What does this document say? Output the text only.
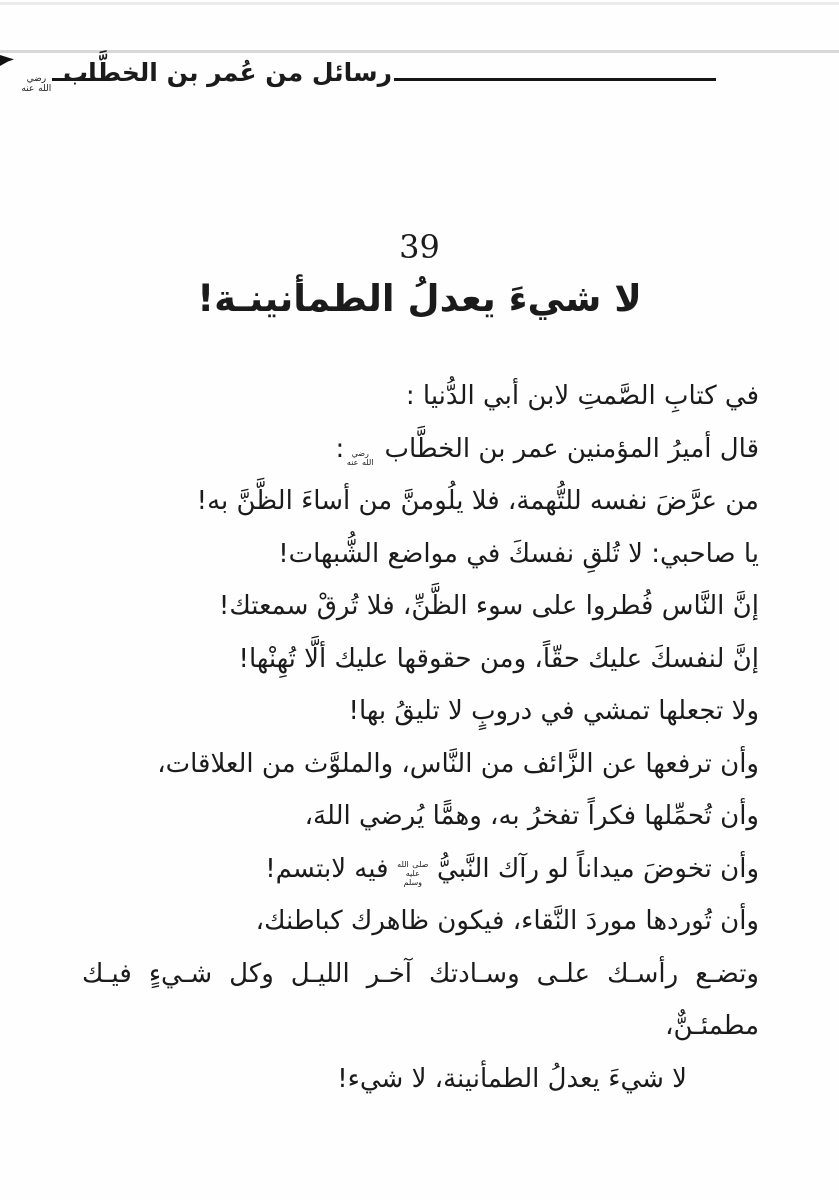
رسائل من عُمر بن الخطَّاب رضي الله عنه
39
لا شيءَ يعدلُ الطمأنينـة!
في كتابِ الصَّمتِ لابن أبي الدُّنيا :
قال أميرُ المؤمنين عمر بن الخطَّاب رضي الله عنه:
من عرَّضَ نفسه للتُّهمة، فلا يلُومنَّ من أساءَ الظَّنَّ به!
يا صاحبي: لا تُلقِ نفسكَ في مواضع الشُّبهات!
إنَّ النَّاس فُطروا على سوء الظَّنِّ، فلا تُرقْ سمعتك!
إنَّ لنفسكَ عليك حقّاً، ومن حقوقها عليك ألَّا تُهِنْها!
ولا تجعلها تمشي في دروبٍ لا تليقُ بها!
وأن ترفعها عن الزَّائف من النَّاس، والملوَّث من العلاقات،
وأن تُحمِّلها فكراً تفخرُ به، وهمًّا يُرضي اللهَ،
وأن تخوضَ ميداناً لو رآك النَّبيُّ صلى الله عليه وسلم فيه لابتسم!
وأن تُوردها موردَ النَّقاء، فيكون ظاهرك كباطنك،
وتضـع رأسـك علـى وسـادتك آخـر الليـل وكل شـيءٍ فيـك
مطمئـنٌّ،
لا شيءَ يعدلُ الطمأنينة، لا شيء!
